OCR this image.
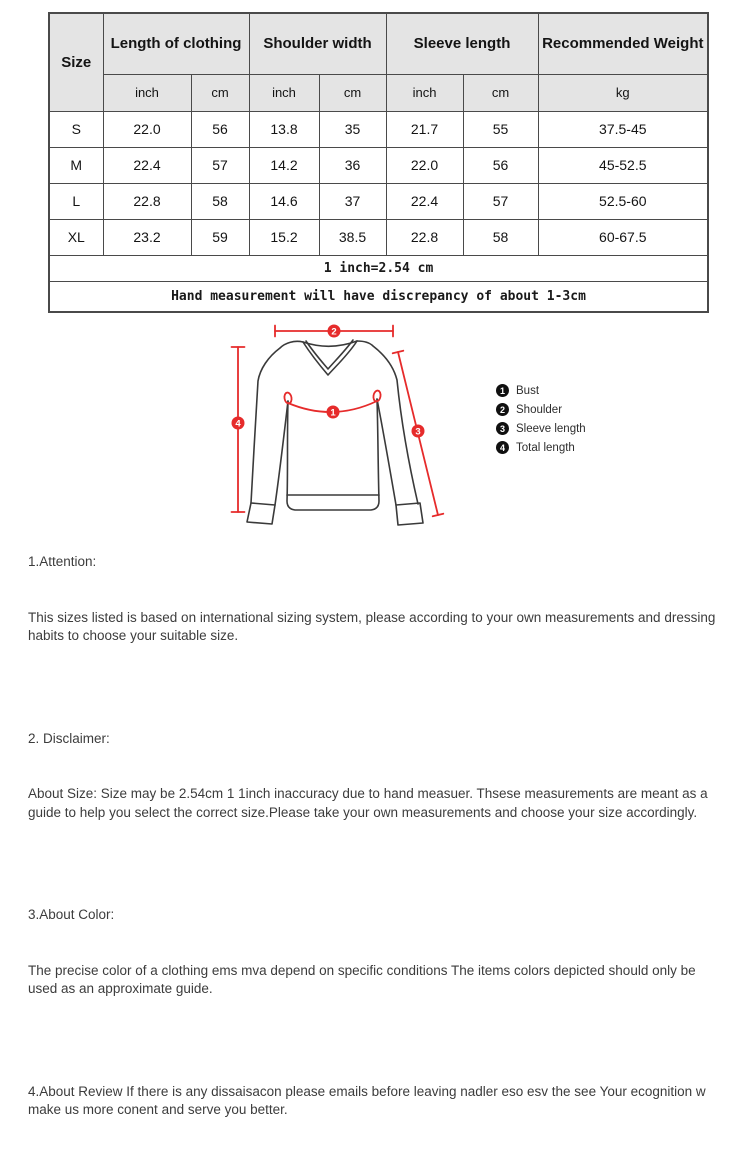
Size	Length of clothing		Shoulder width		Sleeve length		Recommended Weight
	inch	cm	inch	cm	inch	cm	kg
S	22.0	56	13.8	35	21.7	55	37.5-45
M	22.4	57	14.2	36	22.0	56	45-52.5
L	22.8	58	14.6	37	22.4	57	52.5-60
XL	23.2	59	15.2	38.5	22.8	58	60-67.5
1 inch=2.54 cm							
Hand measurement will have discrepancy of about 1-3cm							
2
4
1
3
1 Bust
2 Shoulder
3 Sleeve length
4 Total length

1.Attention:

This sizes listed is based on international sizing system, please according to your own measurements and dressing   habits to choose your suitable size.

2. Disclaimer:

About Size: Size may be 2.54cm 1 1inch inaccuracy due to hand measuer. Thsese measurements are meant as a   guide to help you select the correct size.Please take your own measurements and choose your size accordingly.

3.About Color:

The precise color of a clothing ems mva depend on specific conditions The items colors depicted should only be   used as an approximate guide.

4.About Review If there is any dissaisacon please emails before leaving nadler eso esv the see Your ecognition w   make us more conent and serve you better.
